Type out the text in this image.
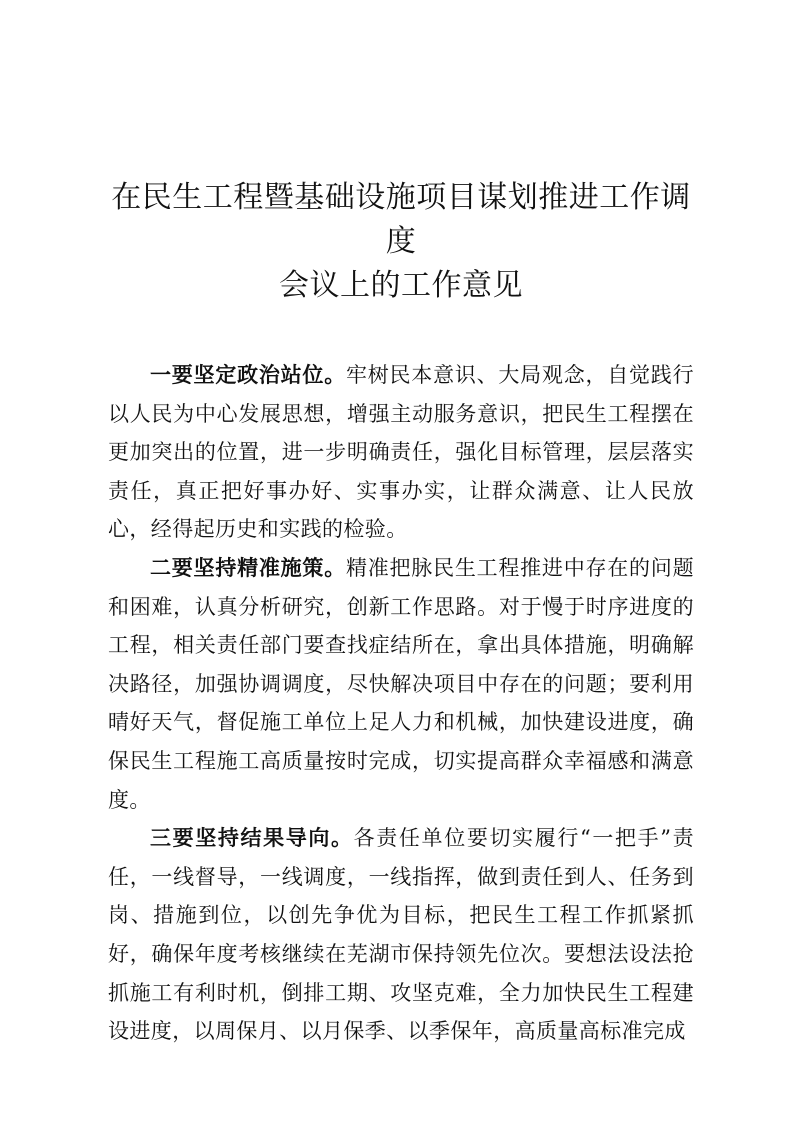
在民生工程暨基础设施项目谋划推进工作调度
会议上的工作意见

一要坚定政治站位。牢树民本意识、大局观念，自觉践行以人民为中心发展思想，增强主动服务意识，把民生工程摆在更加突出的位置，进一步明确责任，强化目标管理，层层落实责任，真正把好事办好、实事办实，让群众满意、让人民放心，经得起历史和实践的检验。

二要坚持精准施策。精准把脉民生工程推进中存在的问题和困难，认真分析研究，创新工作思路。对于慢于时序进度的工程，相关责任部门要查找症结所在，拿出具体措施，明确解决路径，加强协调调度，尽快解决项目中存在的问题；要利用晴好天气，督促施工单位上足人力和机械，加快建设进度，确保民生工程施工高质量按时完成，切实提高群众幸福感和满意度。

三要坚持结果导向。各责任单位要切实履行“一把手”责任，一线督导，一线调度，一线指挥，做到责任到人、任务到岗、措施到位，以创先争优为目标，把民生工程工作抓紧抓好，确保年度考核继续在芜湖市保持领先位次。要想法设法抢抓施工有利时机，倒排工期、攻坚克难，全力加快民生工程建设进度，以周保月、以月保季、以季保年，高质量高标准完成
